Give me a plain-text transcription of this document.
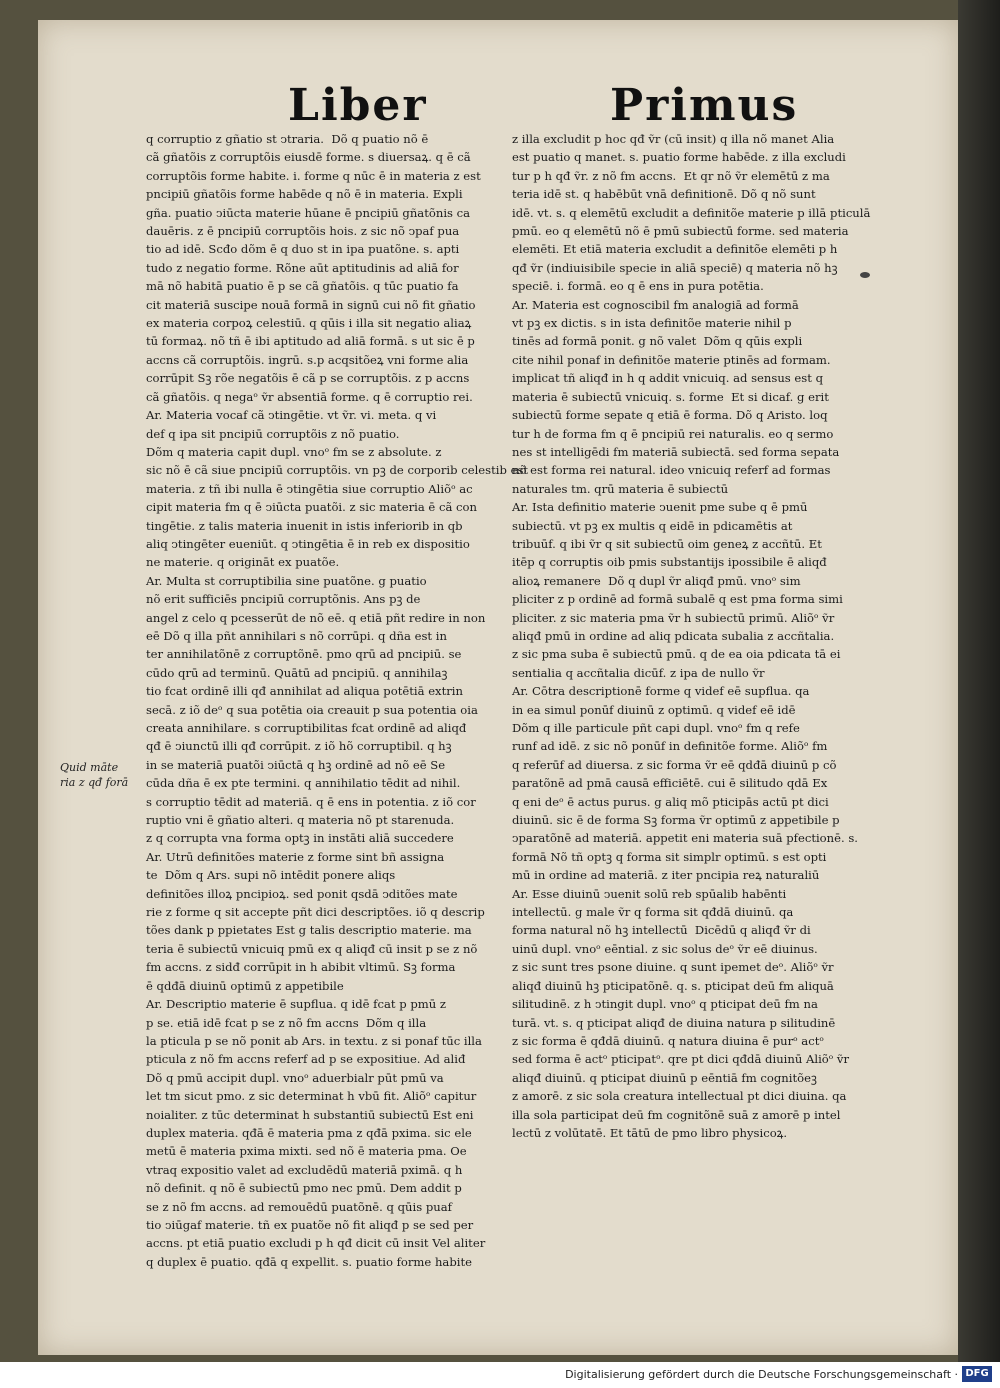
Liber	Primus

q corruptio z gñatio st ↄtraria.  Dõ q puatio nõ ē

cã gñatõis z corruptõis eiusdē forme. s diuersaꝝ. q ē cã

corruptõis forme habite. i. forme q nūc ē in materia z est

pncipiū gñatõis forme habēde q nõ ē in materia. Expli

gña. puatio ↄiūcta materie hūane ē pncipiū gñatõnis ca

dauēris. z ē pncipiū corruptõis hois. z sic nõ ↄpaf pua

tio ad idē. Scđo dõm ē q duo st in ipa puatõne. s. apti

tudo z negatio forme. Rõne aūt aptitudinis ad aliā for

mā nõ habitā puatio ē p se cã gñatõis. q tūc puatio fa

cit materiā suscipe nouā formā in signū cui nõ fit gñatio

ex materia corpoꝝ celestiū. q qūis i illa sit negatio aliaꝝ

tū formaꝝ. nõ tñ ē ibi aptitudo ad aliā formā. s ut sic ē p

accns cã corruptõis. ingrū. s.p acqsitõeꝝ vni forme alia

corrūpit Sꝫ rõe negatõis ē cã p se corruptõis. z p accns

cã gñatõis. q negaᵒ ṽr absentiā forme. q ē corruptio rei.

Ar. Materia vocaf cã ↄtingētie. vt ṽr. vi. meta. q vi

def q ipa sit pncipiū corruptõis z nõ puatio.

Dõm q materia capit dupl. vnoᵒ fm se z absolute. z

sic nõ ē cã siue pncipiū corruptõis. vn pꝫ de corporib celestib est

materia. z tñ ibi nulla ē ↄtingētia siue corruptio Aliõᵒ ac

cipit materia fm q ē ↄiūcta puatõi. z sic materia ē cã con

tingētie. z talis materia inuenit in istis inferiorib in qb

aliq ↄtingēter eueniūt. q ↄtingētia ē in reb ex dispositio

ne materie. q origināt ex puatõe.

Ar. Multa st corruptibilia sine puatõne. g puatio

nõ erit sufficiēs pncipiū corruptõnis. Ans pꝫ de

angel z celo q pcesserūt de nõ eē. q etiā pñt redire in non

eē Dõ q illa pñt annihilari s nõ corrūpi. q dña est in

ter annihilatõnē z corruptõnē. pmo qrū ad pncipiū. se

cūdo qrū ad terminū. Quātū ad pncipiū. q annihilaꝫ

tio fcat ordinē illi qđ annihilat ad aliqua potētiā extrin

secā. z iõ deᵒ q sua potētia oia creauit p sua potentia oia

creata annihilare. s corruptibilitas fcat ordinē ad aliqđ

qđ ē ↄiunctū illi qđ corrūpit. z iõ hõ corruptibil. q hꝫ

in se materiā puatõi ↄiūctā q hꝫ ordinē ad nõ eē Se

cūda dña ē ex pte termini. q annihilatio tēdit ad nihil.

s corruptio tēdit ad materiā. q ē ens in potentia. z iõ cor

ruptio vni ē gñatio alteri. q materia nõ pt starenuda.

z q corrupta vna forma optꝫ in instāti aliā succedere

Ar. Utrū definitões materie z forme sint bñ assigna

te  Dõm q Ars. supi nõ intēdit ponere aliqs

definitões illoꝝ pncipioꝝ. sed ponit qsdā ↄditões mate

rie z forme q sit accepte pñt dici descriptões. iõ q descrip

tões dank p ppietates Est g talis descriptio materie. ma

teria ē subiectū vnicuiq pmū ex q aliqđ cū insit p se z nõ

fm accns. z sidđ corrūpit in h abibit vltimū. Sꝫ forma

ē qdđā diuinū optimū z appetibile

Ar. Descriptio materie ē supflua. q idē fcat p pmū z

p se. etiā idē fcat p se z nõ fm accns  Dõm q illa

la pticula p se nõ ponit ab Ars. in textu. z si ponaf tūc illa

pticula z nõ fm accns referf ad p se expositiue. Ad aliđ

Dõ q pmū accipit dupl. vnoᵒ aduerbialr pūt pmū va

let tm sicut pmo. z sic determinat h vbū fit. Aliõᵒ capitur

noialiter. z tūc determinat h substantiū subiectū Est eni

duplex materia. qđā ē materia pma z qđā pxima. sic ele

metū ē materia pxima mixti. sed nõ ē materia pma. Oe

vtraq expositio valet ad excludēdū materiā pximā. q h

nõ definit. q nõ ē subiectū pmo nec pmū. Dem addit p

se z nõ fm accns. ad remouēdū puatõnē. q qūis puaf

tio ↄiūgaf materie. tñ ex puatõe nõ fit aliqđ p se sed per

accns. pt etiā puatio excludi p h qđ dicit cū insit Vel aliter

q duplex ē puatio. qđā q expellit. s. puatio forme habite

z illa excludit p hoc qđ ṽr (cū insit) q illa nõ manet Alia

est puatio q manet. s. puatio forme habēde. z illa excludi

tur p h qđ ṽr. z nõ fm accns.  Et qr nõ ṽr elemētū z ma

teria idē st. q habēbūt vnā definitionē. Dõ q nõ sunt

idē. vt. s. q elemētū excludit a definitõe materie p illā pticulā

pmū. eo q elemētū nõ ē pmū subiectū forme. sed materia

elemēti. Et etiā materia excludit a definitõe elemēti p h

qđ ṽr (indiuisibile specie in aliā speciē) q materia nõ hꝫ

speciē. i. formā. eo q ē ens in pura potētia.

Ar. Materia est cognoscibil fm analogiā ad formā

vt pꝫ ex dictis. s in ista definitõe materie nihil p

tinēs ad formā ponit. g nõ valet  Dõm q qūis expli

cite nihil ponaf in definitõe materie ptinēs ad formam.

implicat tñ aliqđ in h q addit vnicuiq. ad sensus est q

materia ē subiectū vnicuiq. s. forme  Et si dicaf. g erit

subiectū forme sepate q etiā ē forma. Dõ q Aristo. loq

tur h de forma fm q ē pncipiū rei naturalis. eo q sermo

nes st intelligēdi fm materiā subiectā. sed forma sepata

nõ est forma rei natural. ideo vnicuiq referf ad formas

naturales tm. qrū materia ē subiectū

Ar. Ista definitio materie ↄuenit pme sube q ē pmū

subiectū. vt pꝫ ex multis q eidē in pdicamētis at

tribuūf. q ibi ṽr q sit subiectū oim geneꝝ z accñtū. Et

itēp q corruptis oib pmis substantijs ipossibile ē aliqđ

alioꝝ remanere  Dõ q dupl ṽr aliqđ pmū. vnoᵒ sim

pliciter z p ordinē ad formā subalē q est pma forma simi

pliciter. z sic materia pma ṽr h subiectū primū. Aliõᵒ ṽr

aliqđ pmū in ordine ad aliq pdicata subalia z accñtalia.

z sic pma suba ē subiectū pmū. q de ea oia pdicata tā ei

sentialia q accñtalia dicūf. z ipa de nullo ṽr

Ar. Cōtra descriptionē forme q videf eē supflua. qa

in ea simul ponūf diuinū z optimū. q videf eē idē

Dõm q ille particule pñt capi dupl. vnoᵒ fm q refe

runf ad idē. z sic nõ ponūf in definitõe forme. Aliõᵒ fm

q referūf ad diuersa. z sic forma ṽr eē qdđā diuinū p cõ

paratõnē ad pmā causā efficiētē. cui ē silitudo qdā Ex

q eni deᵒ ē actus purus. g aliq mõ pticipās actū pt dici

diuinū. sic ē de forma Sꝫ forma ṽr optimū z appetibile p

ↄparatõnē ad materiā. appetit eni materia suā pfectionē. s.

formā Nõ tñ optꝫ q forma sit simplr optimū. s est opti

mū in ordine ad materiā. z iter pncipia reꝝ naturaliū

Ar. Esse diuinū ↄuenit solū reb spūalib habēnti

intellectū. g male ṽr q forma sit qđdā diuinū. qa

forma natural nõ hꝫ intellectū  Dicēdū q aliqđ ṽr di

uinū dupl. vnoᵒ eēntial. z sic solus deᵒ ṽr eē diuinus.

z sic sunt tres psone diuine. q sunt ipemet deᵒ. Aliõᵒ ṽr

aliqđ diuinū hꝫ pticipatõnē. q. s. pticipat deū fm aliquā

silitudinē. z h ↄtingit dupl. vnoᵒ q pticipat deū fm na

turā. vt. s. q pticipat aliqđ de diuina natura p silitudinē

z sic forma ē qđdā diuinū. q natura diuina ē purᵒ actᵒ

sed forma ē actᵒ pticipatᵒ. qre pt dici qđdā diuinū Aliõᵒ ṽr

aliqđ diuinū. q pticipat diuinū p eēntiā fm cognitõeꝫ

z amorē. z sic sola creatura intellectual pt dici diuina. qa

illa sola participat deū fm cognitõnē suā z amorē p intel

lectū z volūtatē. Et tātū de pmo libro physicoꝝ.

Quid māte
ria z qđ forā
Digitalisierung gefördert durch die Deutsche Forschungsgemeinschaft · DFG
